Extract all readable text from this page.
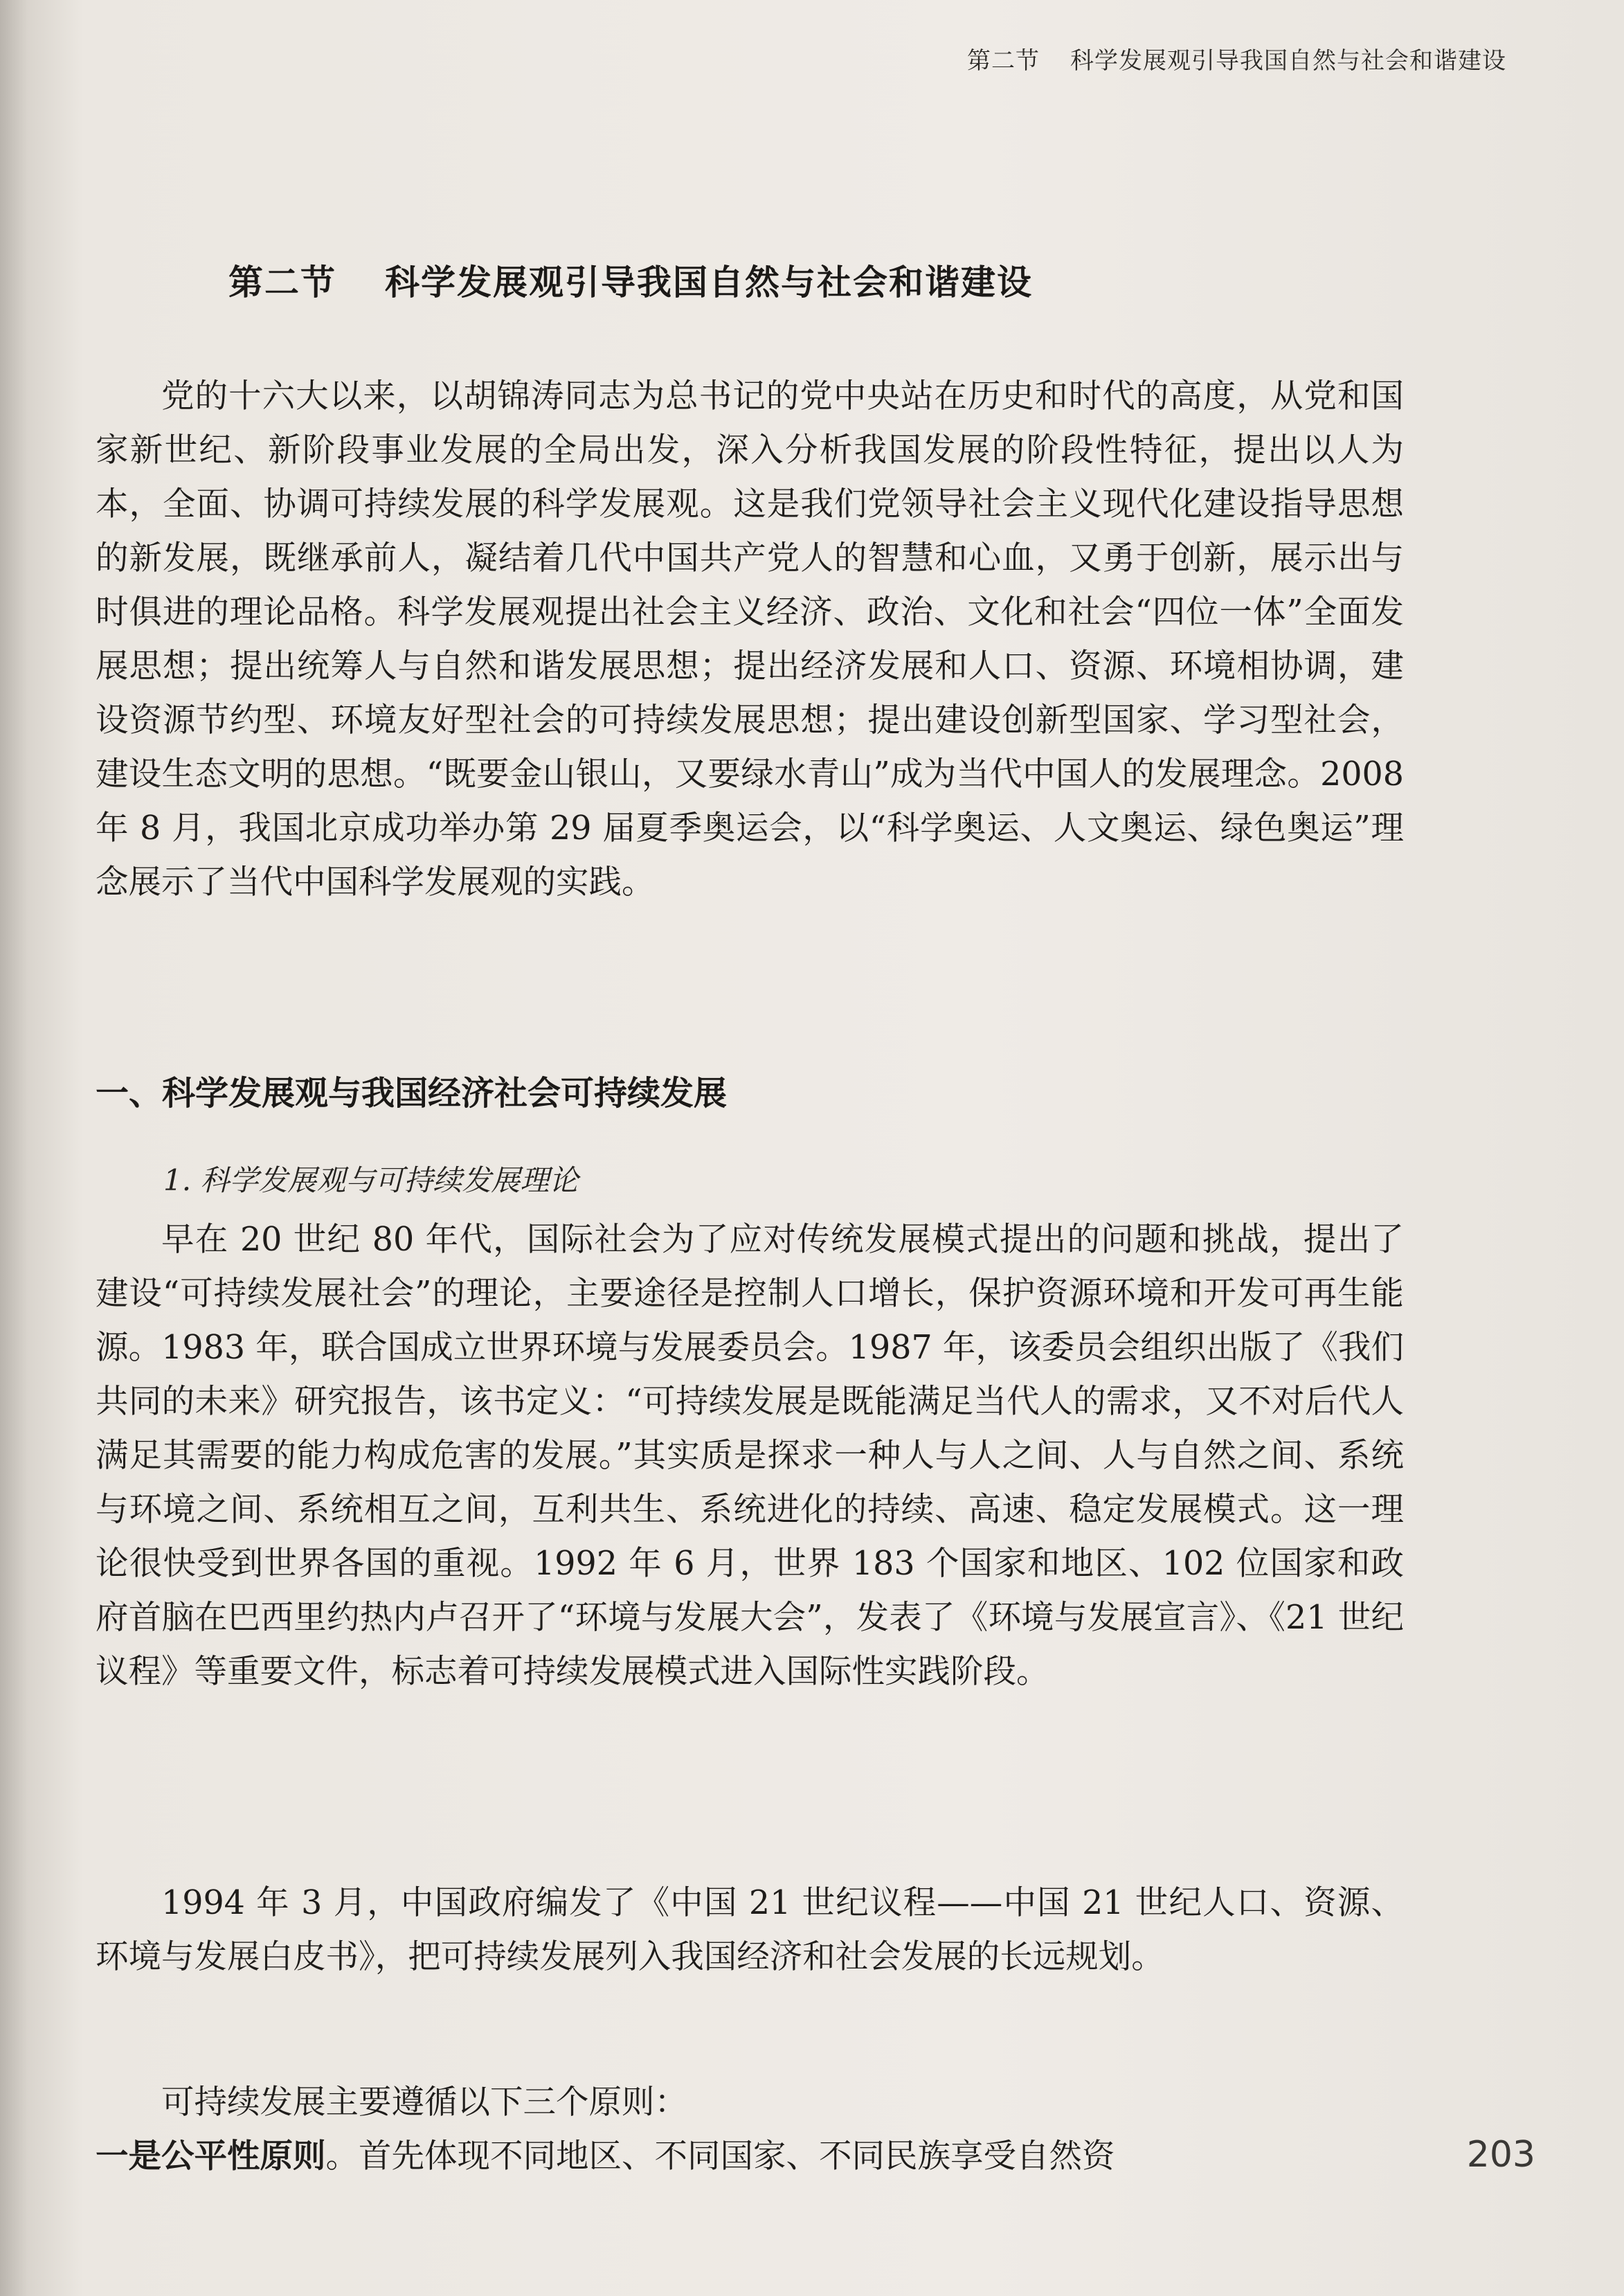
第二节 科学发展观引导我国自然与社会和谐建设
第二节 科学发展观引导我国自然与社会和谐建设

党的十六大以来，以胡锦涛同志为总书记的党中央站在历史和时代的高度，从党和国家新世纪、新阶段事业发展的全局出发，深入分析我国发展的阶段性特征，提出以人为本，全面、协调可持续发展的科学发展观。这是我们党领导社会主义现代化建设指导思想的新发展，既继承前人，凝结着几代中国共产党人的智慧和心血，又勇于创新，展示出与时俱进的理论品格。科学发展观提出社会主义经济、政治、文化和社会“四位一体”全面发展思想；提出统筹人与自然和谐发展思想；提出经济发展和人口、资源、环境相协调，建设资源节约型、环境友好型社会的可持续发展思想；提出建设创新型国家、学习型社会，建设生态文明的思想。“既要金山银山，又要绿水青山”成为当代中国人的发展理念。2008 年 8 月，我国北京成功举办第 29 届夏季奥运会，以“科学奥运、人文奥运、绿色奥运”理念展示了当代中国科学发展观的实践。

一、科学发展观与我国经济社会可持续发展
1. 科学发展观与可持续发展理论

早在 20 世纪 80 年代，国际社会为了应对传统发展模式提出的问题和挑战，提出了建设“可持续发展社会”的理论，主要途径是控制人口增长，保护资源环境和开发可再生能源。1983 年，联合国成立世界环境与发展委员会。1987 年，该委员会组织出版了《我们共同的未来》研究报告，该书定义：“可持续发展是既能满足当代人的需求，又不对后代人满足其需要的能力构成危害的发展。”其实质是探求一种人与人之间、人与自然之间、系统与环境之间、系统相互之间，互利共生、系统进化的持续、高速、稳定发展模式。这一理论很快受到世界各国的重视。1992 年 6 月，世界 183 个国家和地区、102 位国家和政府首脑在巴西里约热内卢召开了“环境与发展大会”，发表了《环境与发展宣言》、《21 世纪议程》等重要文件，标志着可持续发展模式进入国际性实践阶段。

1994 年 3 月，中国政府编发了《中国 21 世纪议程——中国 21 世纪人口、资源、环境与发展白皮书》，把可持续发展列入我国经济和社会发展的长远规划。

可持续发展主要遵循以下三个原则：

一是公平性原则。首先体现不同地区、不同国家、不同民族享受自然资	203
